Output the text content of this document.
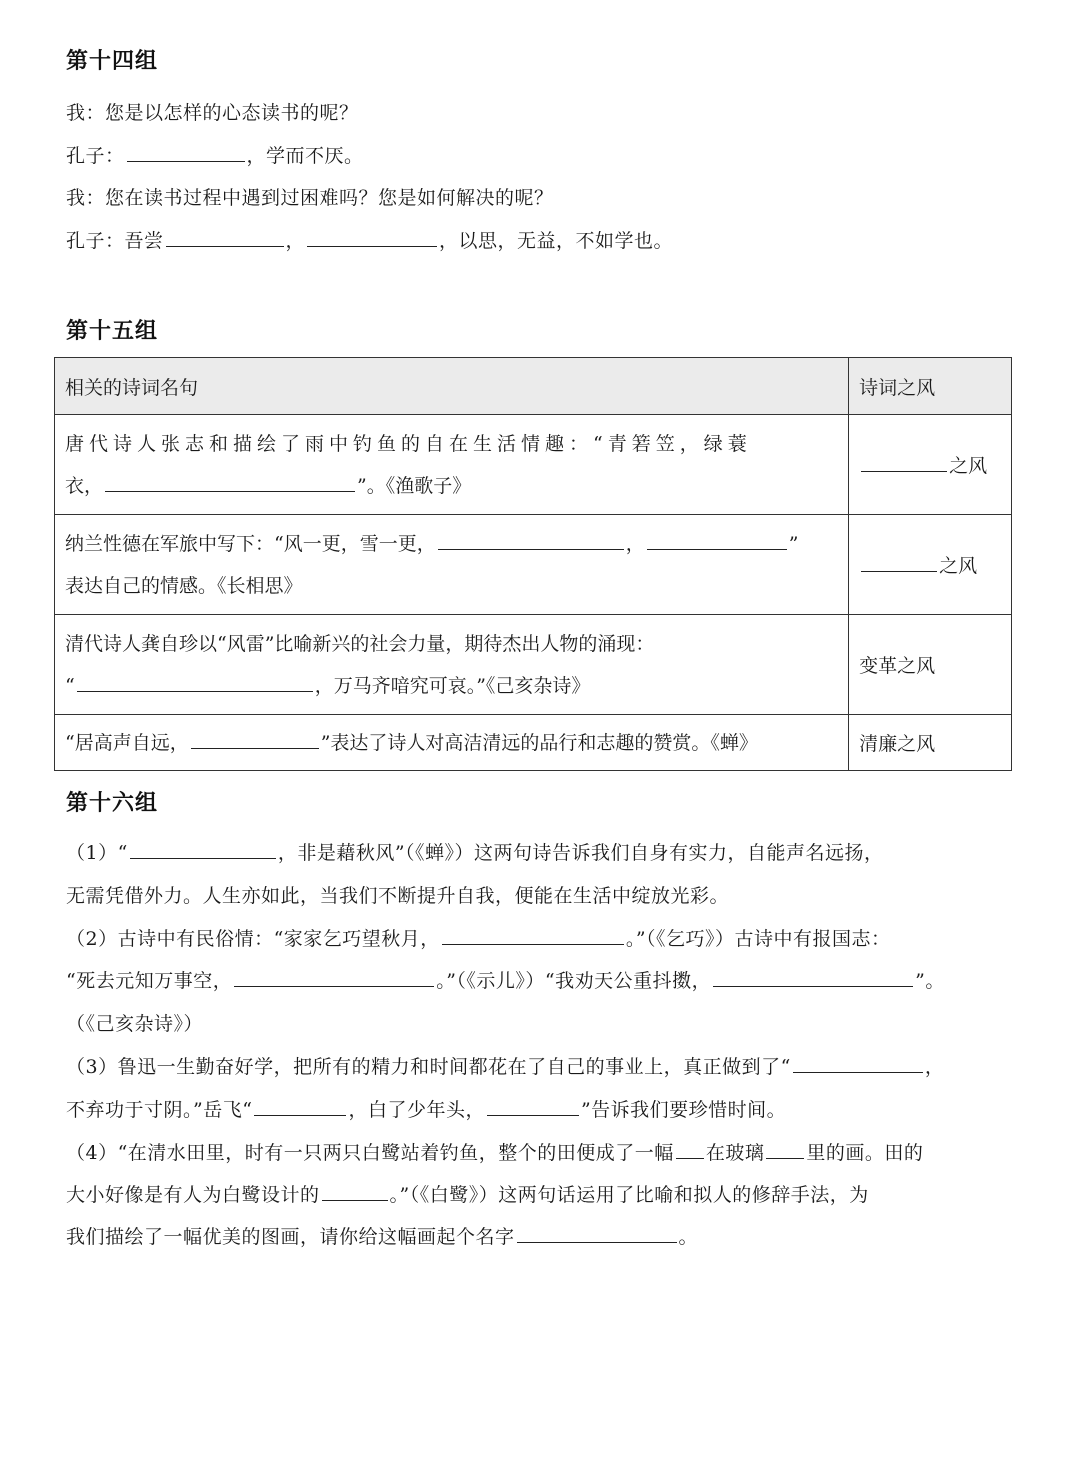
第十四组
我：您是以怎样的心态读书的呢？
孔子：	，学而不厌。
我：您在读书过程中遇到过困难吗？您是如何解决的呢？
孔子：吾尝	，	，以思，无益，不如学也。
第十五组
相关的诗词名句	诗词之风

唐代诗人张志和描绘了雨中钓鱼的自在生活情趣：“青箬笠，绿蓑
衣， ”。《渔歌子》	之风

纳兰性德在军旅中写下：“风一更，雪一更， ， ”
表达自己的情感。《长相思》	之风

清代诗人龚自珍以“风雷”比喻新兴的社会力量，期待杰出人物的涌现：
“ ，万马齐喑究可哀。”《己亥杂诗》	变革之风

“居高声自远， ”表达了诗人对高洁清远的品行和志趣的赞赏。《蝉》	清廉之风
第十六组
（1）“	，非是藉秋风”（《蝉》）这两句诗告诉我们自身有实力，自能声名远扬，
无需凭借外力。人生亦如此，当我们不断提升自我，便能在生活中绽放光彩。
（2）古诗中有民俗情：“家家乞巧望秋月，	。”（《乞巧》）古诗中有报国志：
“死去元知万事空，	。”（《示儿》）“我劝天公重抖擞，	”。
（《己亥杂诗》）
（3）鲁迅一生勤奋好学，把所有的精力和时间都花在了自己的事业上，真正做到了“	，
不弃功于寸阴。”岳飞“	，白了少年头，	”告诉我们要珍惜时间。
（4）“在清水田里，时有一只两只白鹭站着钓鱼，整个的田便成了一幅 在玻璃 里的画。田的
大小好像是有人为白鹭设计的	。”（《白鹭》）这两句话运用了比喻和拟人的修辞手法，为
我们描绘了一幅优美的图画，请你给这幅画起个名字	。
